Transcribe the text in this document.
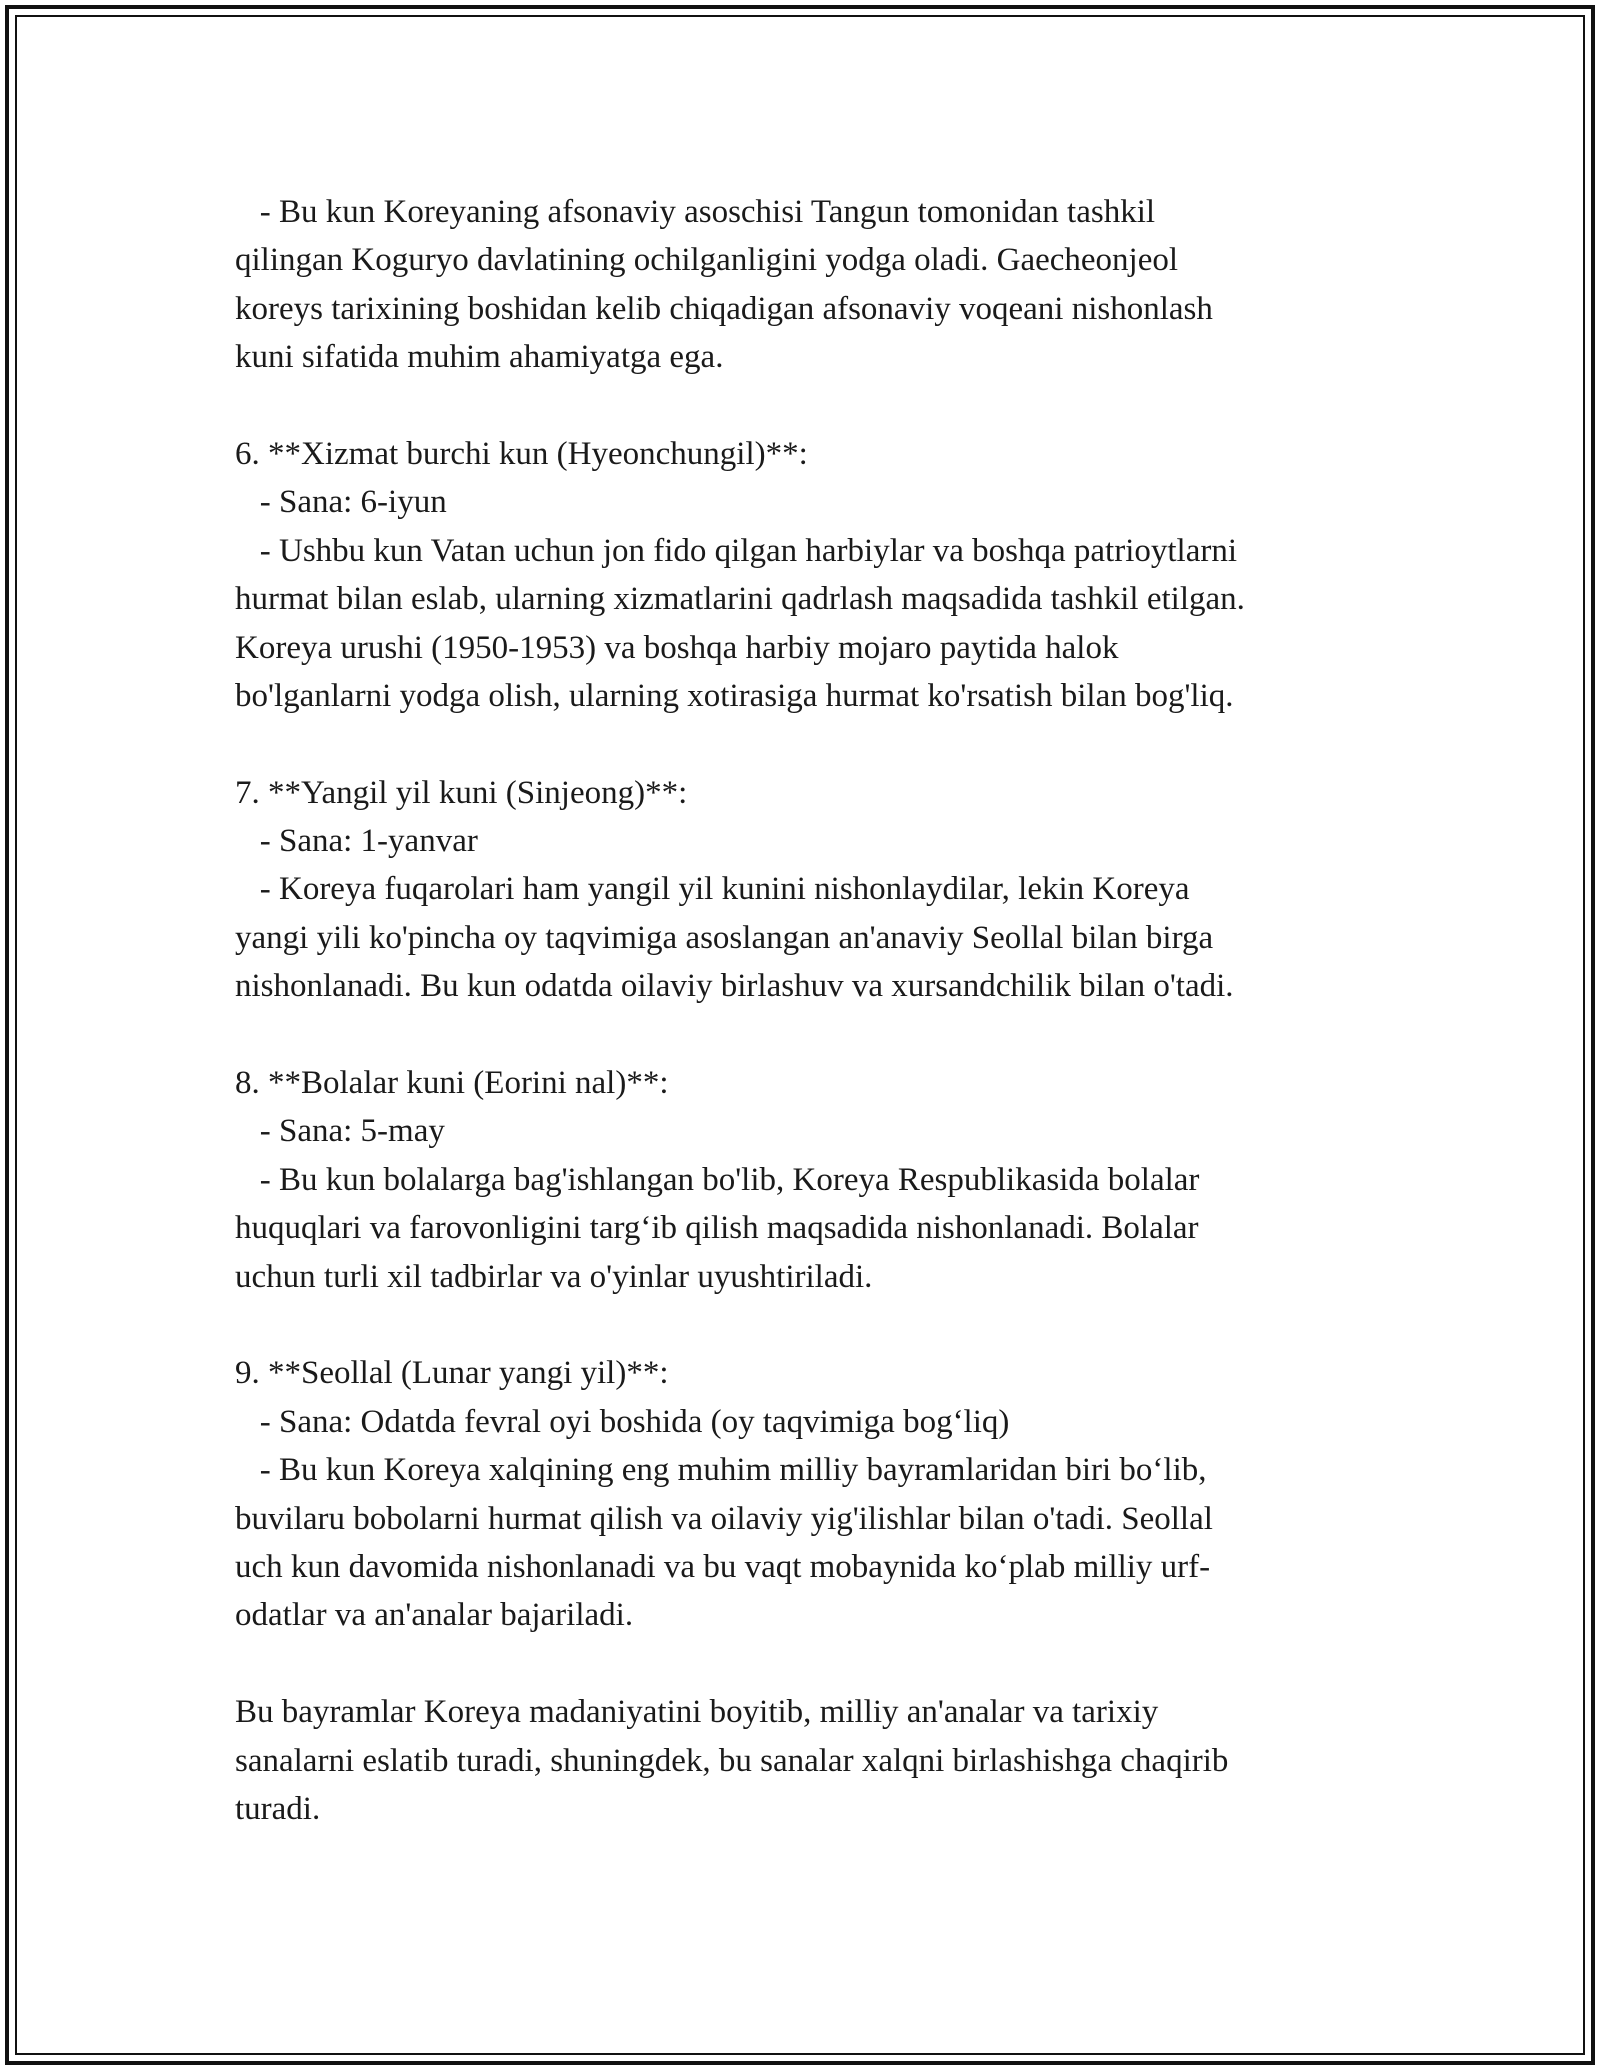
- Bu kun Koreyaning afsonaviy asoschisi Tangun tomonidan tashkil
qilingan Koguryo davlatining ochilganligini yodga oladi. Gaecheonjeol
koreys tarixining boshidan kelib chiqadigan afsonaviy voqeani nishonlash
kuni sifatida muhim ahamiyatga ega.
6. **Xizmat burchi kun (Hyeonchungil)**:
- Sana: 6-iyun
- Ushbu kun Vatan uchun jon fido qilgan harbiylar va boshqa patrioytlarni
hurmat bilan eslab, ularning xizmatlarini qadrlash maqsadida tashkil etilgan.
Koreya urushi (1950-1953) va boshqa harbiy mojaro paytida halok
bo'lganlarni yodga olish, ularning xotirasiga hurmat ko'rsatish bilan bog'liq.
7. **Yangil yil kuni (Sinjeong)**:
- Sana: 1-yanvar
- Koreya fuqarolari ham yangil yil kunini nishonlaydilar, lekin Koreya
yangi yili ko'pincha oy taqvimiga asoslangan an'anaviy Seollal bilan birga
nishonlanadi. Bu kun odatda oilaviy birlashuv va xursandchilik bilan o'tadi.
8. **Bolalar kuni (Eorini nal)**:
- Sana: 5-may
- Bu kun bolalarga bag'ishlangan bo'lib, Koreya Respublikasida bolalar
huquqlari va farovonligini targ‘ib qilish maqsadida nishonlanadi. Bolalar
uchun turli xil tadbirlar va o'yinlar uyushtiriladi.
9. **Seollal (Lunar yangi yil)**:
- Sana: Odatda fevral oyi boshida (oy taqvimiga bog‘liq)
- Bu kun Koreya xalqining eng muhim milliy bayramlaridan biri bo‘lib,
buvilaru bobolarni hurmat qilish va oilaviy yig'ilishlar bilan o'tadi. Seollal
uch kun davomida nishonlanadi va bu vaqt mobaynida ko‘plab milliy urf-
odatlar va an'analar bajariladi.
Bu bayramlar Koreya madaniyatini boyitib, milliy an'analar va tarixiy
sanalarni eslatib turadi, shuningdek, bu sanalar xalqni birlashishga chaqirib
turadi.
